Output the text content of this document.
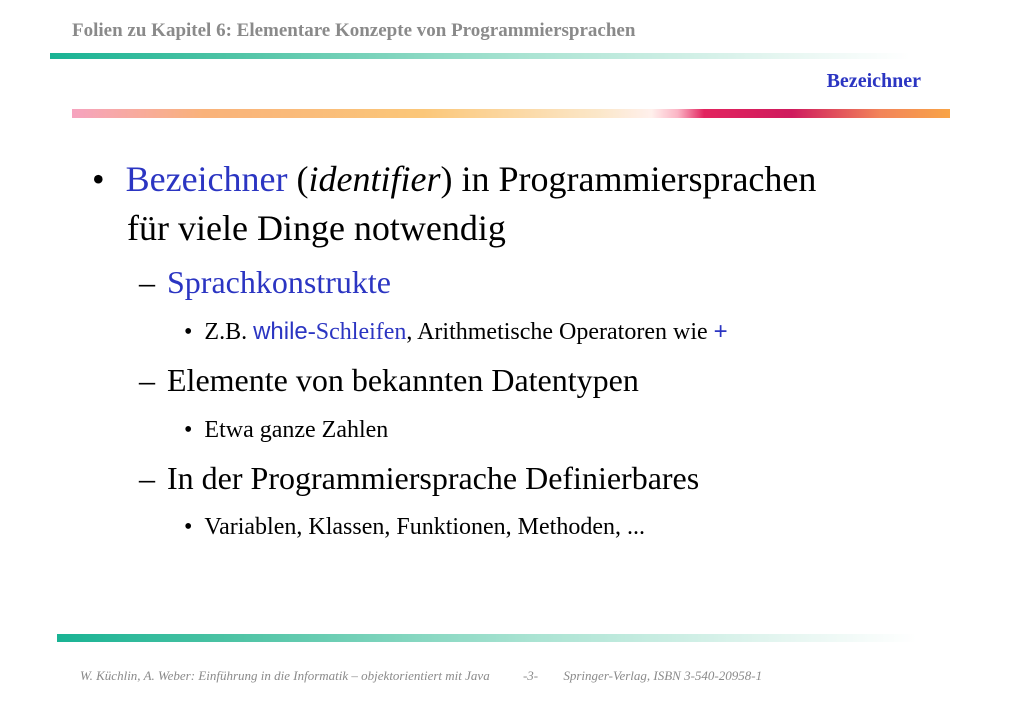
Folien zu Kapitel 6: Elementare Konzepte von Programmiersprachen
Bezeichner
• Bezeichner (identifier) in Programmiersprachen
für viele Dinge notwendig
– Sprachkonstrukte
• Z.B. while-Schleifen, Arithmetische Operatoren wie +
– Elemente von bekannten Datentypen
• Etwa ganze Zahlen
– In der Programmiersprache Definierbares
• Variablen, Klassen, Funktionen, Methoden, ...
W. Küchlin, A. Weber: Einführung in die Informatik – objektorientiert mit Java	-3- Springer-Verlag, ISBN 3-540-20958-1
